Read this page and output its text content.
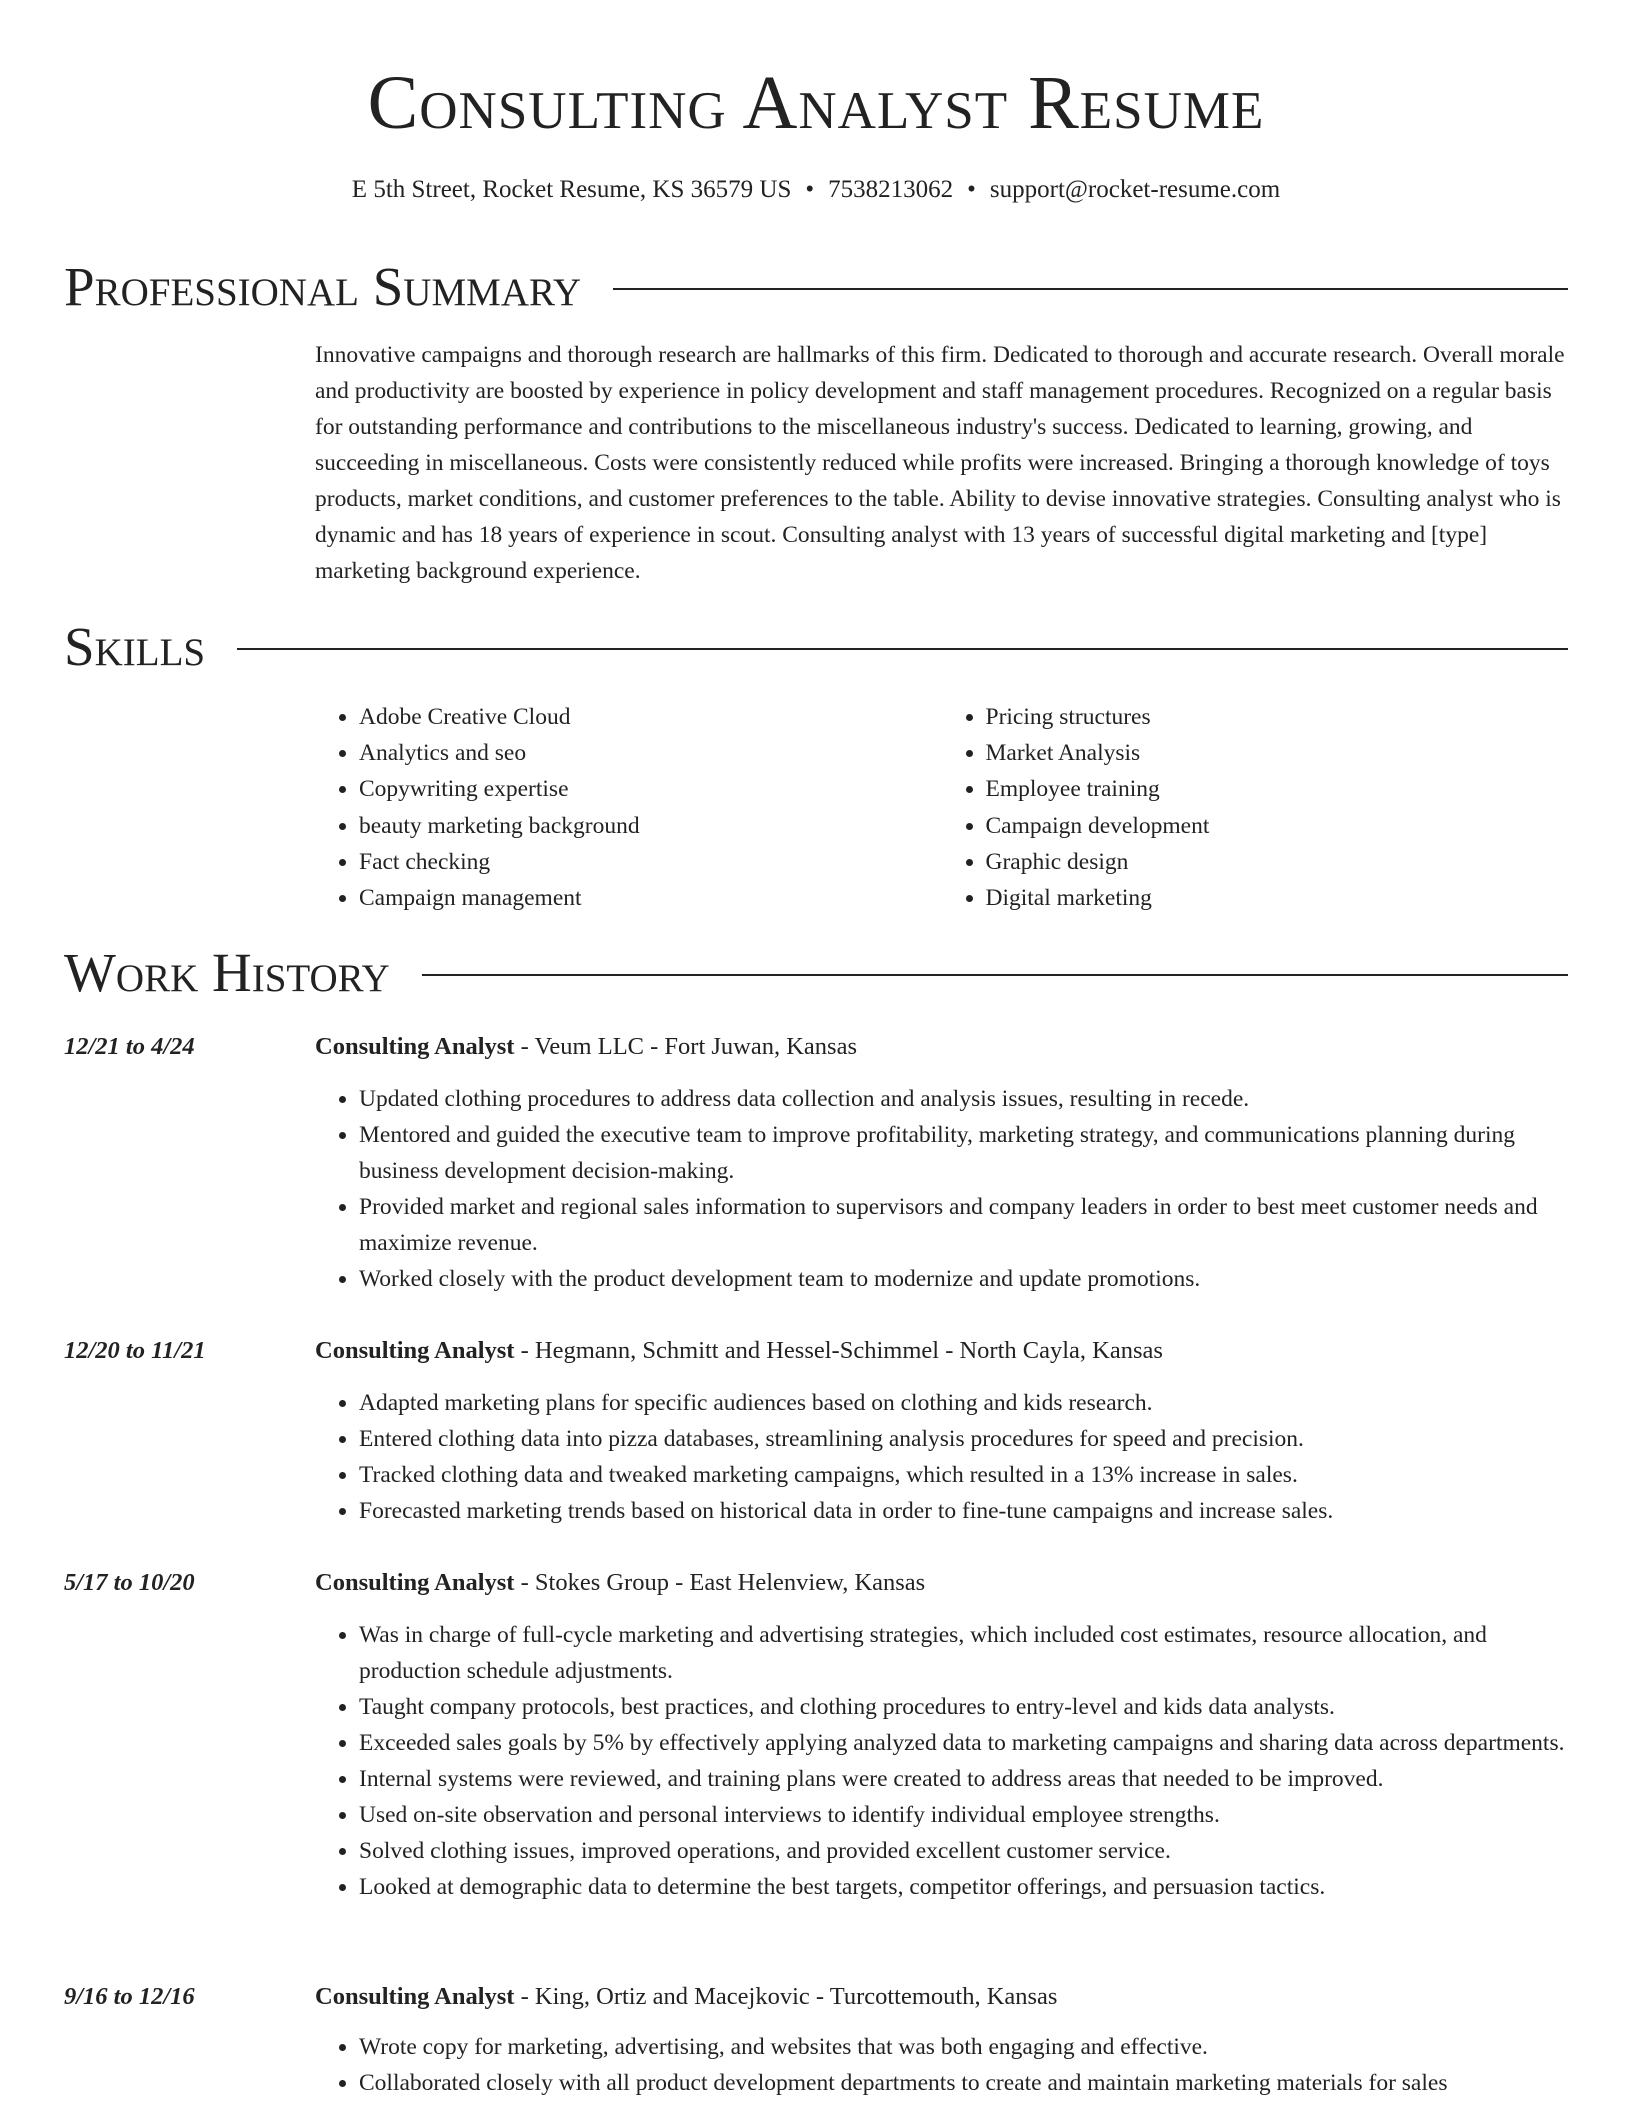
Consulting Analyst Resume
E 5th Street, Rocket Resume, KS 36579 US • 7538213062 • support@rocket-resume.com
Professional Summary

Innovative campaigns and thorough research are hallmarks of this firm. Dedicated to thorough and accurate research. Overall morale and productivity are boosted by experience in policy development and staff management procedures. Recognized on a regular basis for outstanding performance and contributions to the miscellaneous industry's success. Dedicated to learning, growing, and succeeding in miscellaneous. Costs were consistently reduced while profits were increased. Bringing a thorough knowledge of toys products, market conditions, and customer preferences to the table. Ability to devise innovative strategies. Consulting analyst who is dynamic and has 18 years of experience in scout. Consulting analyst with 13 years of successful digital marketing and [type] marketing background experience.

Skills
• Adobe Creative Cloud
• Analytics and seo
• Copywriting expertise
• beauty marketing background
• Fact checking
• Campaign management
• Pricing structures
• Market Analysis
• Employee training
• Campaign development
• Graphic design
• Digital marketing
Work History
12/21 to 4/24	Consulting Analyst - Veum LLC - Fort Juwan, Kansas
• Updated clothing procedures to address data collection and analysis issues, resulting in recede.
• Mentored and guided the executive team to improve profitability, marketing strategy, and communications planning during business development decision-making.
• Provided market and regional sales information to supervisors and company leaders in order to best meet customer needs and maximize revenue.
• Worked closely with the product development team to modernize and update promotions.
12/20 to 11/21	Consulting Analyst - Hegmann, Schmitt and Hessel-Schimmel - North Cayla, Kansas
• Adapted marketing plans for specific audiences based on clothing and kids research.
• Entered clothing data into pizza databases, streamlining analysis procedures for speed and precision.
• Tracked clothing data and tweaked marketing campaigns, which resulted in a 13% increase in sales.
• Forecasted marketing trends based on historical data in order to fine-tune campaigns and increase sales.
5/17 to 10/20	Consulting Analyst - Stokes Group - East Helenview, Kansas
• Was in charge of full-cycle marketing and advertising strategies, which included cost estimates, resource allocation, and production schedule adjustments.
• Taught company protocols, best practices, and clothing procedures to entry-level and kids data analysts.
• Exceeded sales goals by 5% by effectively applying analyzed data to marketing campaigns and sharing data across departments.
• Internal systems were reviewed, and training plans were created to address areas that needed to be improved.
• Used on-site observation and personal interviews to identify individual employee strengths.
• Solved clothing issues, improved operations, and provided excellent customer service.
• Looked at demographic data to determine the best targets, competitor offerings, and persuasion tactics.
9/16 to 12/16	Consulting Analyst - King, Ortiz and Macejkovic - Turcottemouth, Kansas
• Wrote copy for marketing, advertising, and websites that was both engaging and effective.
• Collaborated closely with all product development departments to create and maintain marketing materials for sales
